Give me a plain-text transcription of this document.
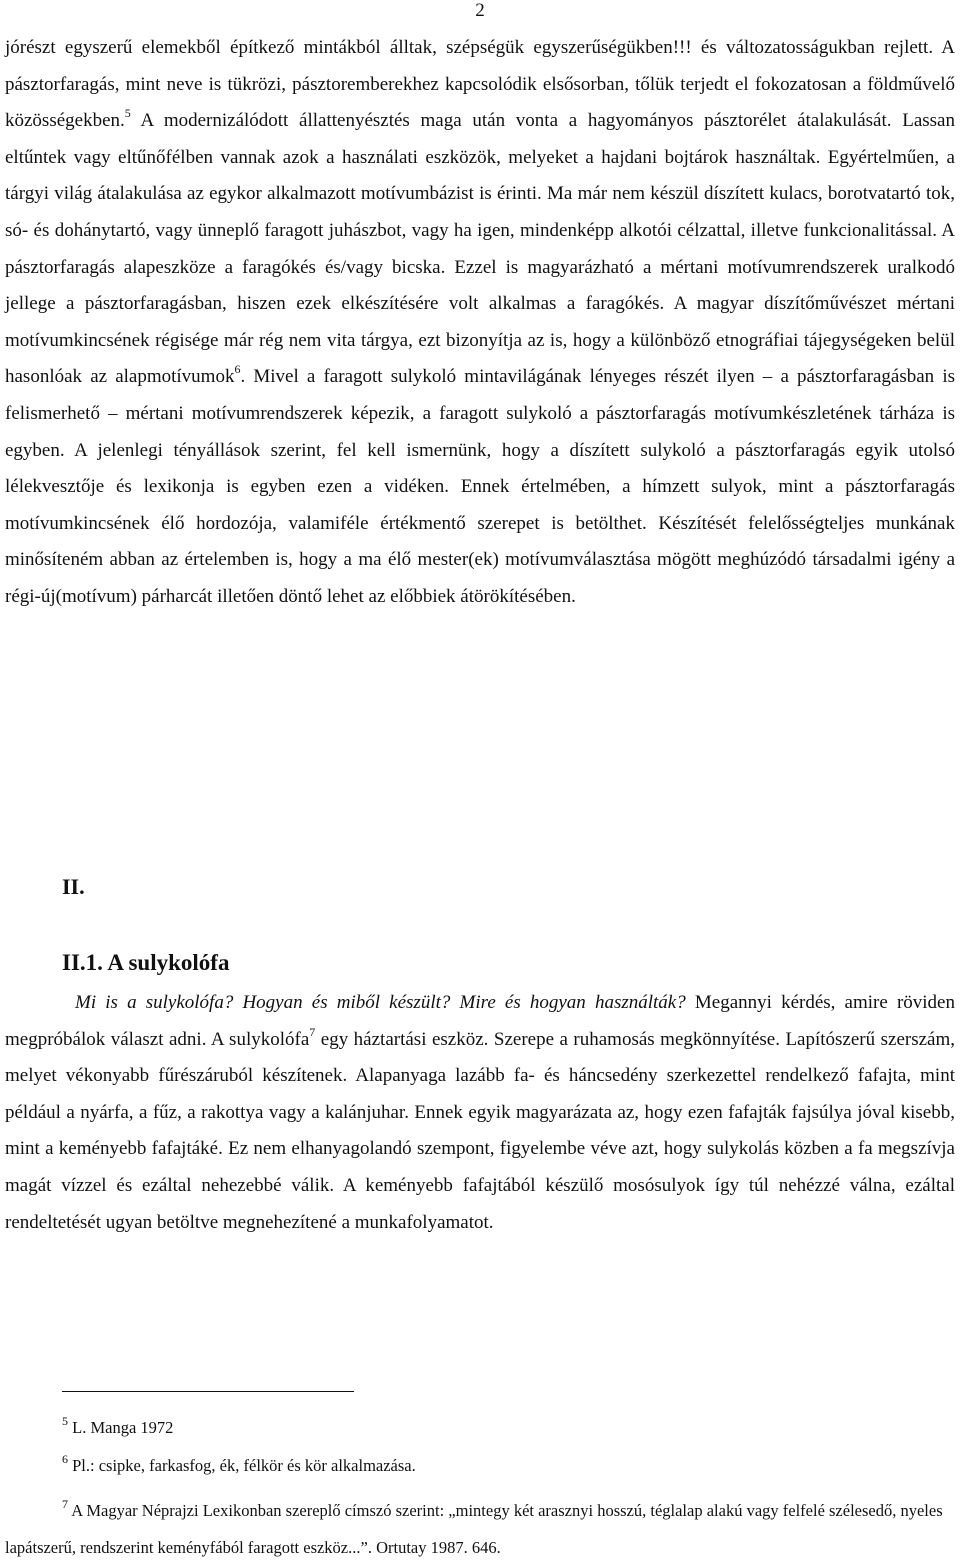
2
jórészt egyszerű elemekből építkező mintákból álltak, szépségük egyszerűségükben!!! és változatosságukban rejlett. A pásztorfaragás, mint neve is tükrözi, pásztoremberekhez kapcsolódik elsősorban, tőlük terjedt el fokozatosan a földművelő közösségekben.$^5$ A modernizálódott állattenyésztés maga után vonta a hagyományos pásztorélet átalakulását. Lassan eltűntek vagy eltűnőfélben vannak azok a használati eszközök, melyeket a hajdani bojtárok használtak. Egyértelműen, a tárgyi világ átalakulása az egykor alkalmazott motívumbázist is érinti. Ma már nem készül díszített kulacs, borotvatartó tok, só- és dohánytartó, vagy ünneplő faragott juhászbot, vagy ha igen, mindenképp alkotói célzattal, illetve funkcionalitással. A pásztorfaragás alapeszköze a faragókés és/vagy bicska. Ezzel is magyarázható a mértani motívumrendszerek uralkodó jellege a pásztorfaragásban, hiszen ezek elkészítésére volt alkalmas a faragókés. A magyar díszítőművészet mértani motívumkincsének régisége már rég nem vita tárgya, ezt bizonyítja az is, hogy a különböző etnográfiai tájegységeken belül hasonlóak az alapmotívumok$^6$. Mivel a faragott sulykoló mintavilágának lényeges részét ilyen – a pásztorfaragásban is felismerhető – mértani motívumrendszerek képezik, a faragott sulykoló a pásztorfaragás motívumkészletének tárháza is egyben. A jelenlegi tényállások szerint, fel kell ismernünk, hogy a díszített sulykoló a pásztorfaragás egyik utolsó lélekvesztője és lexikonja is egyben ezen a vidéken. Ennek értelmében, a hímzett sulyok, mint a pásztorfaragás motívumkincsének élő hordozója, valamiféle értékmentő szerepet is betölthet. Készítését felelősségteljes munkának minősíteném abban az értelemben is, hogy a ma élő mester(ek) motívumválasztása mögött meghúzódó társadalmi igény a régi-új(motívum) párharcát illetően döntő lehet az előbbiek átörökítésében.
II.
II.1. A sulykolófa
Mi is a sulykolófa? Hogyan és miből készült? Mire és hogyan használták? Megannyi kérdés, amire röviden megpróbálok választ adni. A sulykolófa$^7$ egy háztartási eszköz. Szerepe a ruhamosás megkönnyítése. Lapítószerű szerszám, melyet vékonyabb fűrészáruból készítenek. Alapanyaga lazább fa- és háncsedény szerkezettel rendelkező fafajta, mint például a nyárfa, a fűz, a rakottya vagy a kalánjuhar. Ennek egyik magyarázata az, hogy ezen fafajták fajsúlya jóval kisebb, mint a keményebb fafajtáké. Ez nem elhanyagolandó szempont, figyelembe véve azt, hogy sulykolás közben a fa megszívja magát vízzel és ezáltal nehezebbé válik. A keményebb fafajtából készülő mosósulyok így túl nehézzé válna, ezáltal rendeltetését ugyan betöltve megnehezítené a munkafolyamatot.
$^5$ L. Manga 1972
$^6$ Pl.: csipke, farkasfog, ék, félkör és kör alkalmazása.
$^7$ A Magyar Néprajzi Lexikonban szereplő címszó szerint: „mintegy két arasznyi hosszú, téglalap alakú vagy felfelé szélesedő, nyeles lapátszerű, rendszerint keményfából faragott eszköz...”. Ortutay 1987. 646.
